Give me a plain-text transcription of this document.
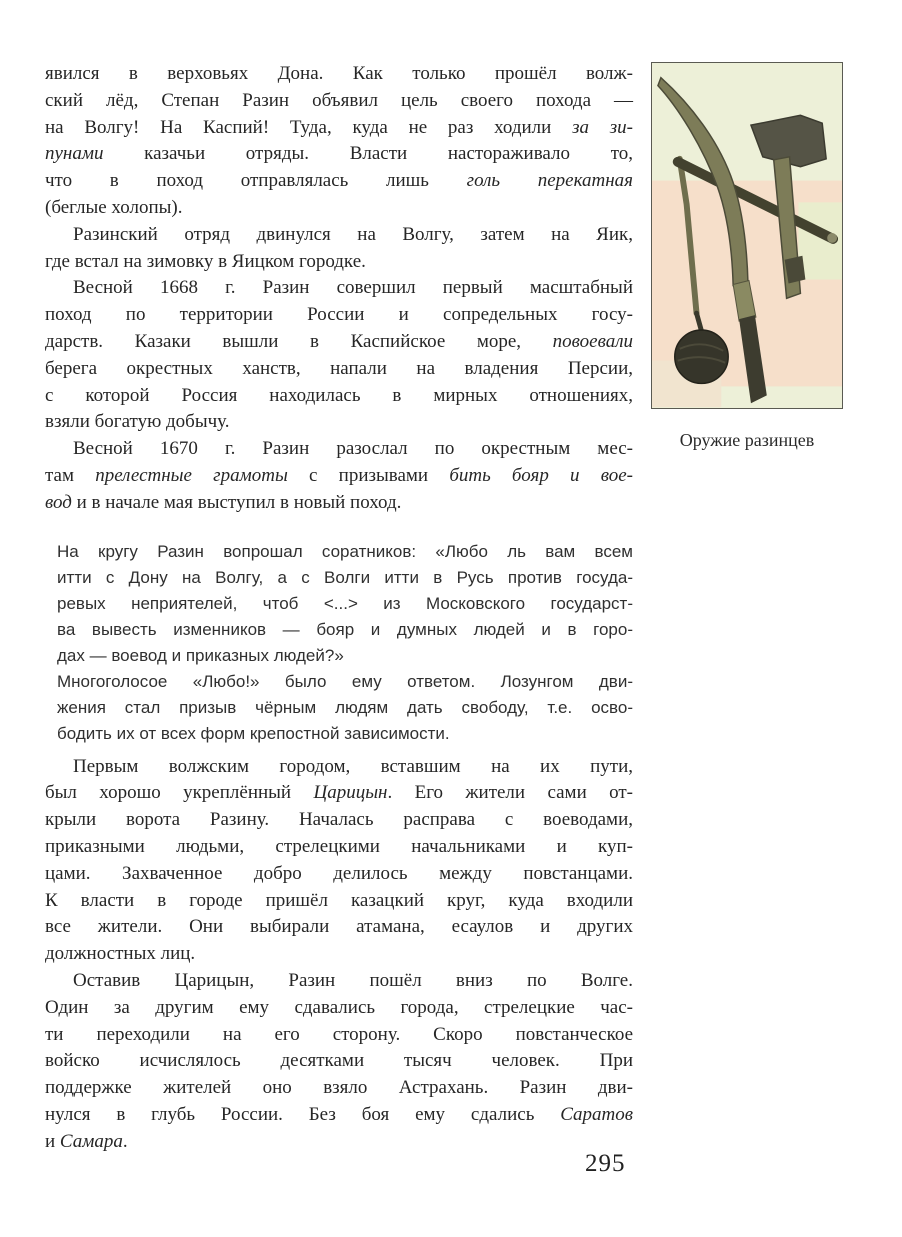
явился в верховьях Дона. Как только прошёл волж-
ский лёд, Степан Разин объявил цель своего похода —
на Волгу! На Каспий! Туда, куда не раз ходили за зи-
пунами казачьи отряды. Власти настораживало то,
что в поход отправлялась лишь голь перекатная
(беглые холопы).
Разинский отряд двинулся на Волгу, затем на Яик,
где встал на зимовку в Яицком городке.
Весной 1668 г. Разин совершил первый масштабный
поход по территории России и сопредельных госу-
дарств. Казаки вышли в Каспийское море, повоевали
берега окрестных ханств, напали на владения Персии,
с которой Россия находилась в мирных отношениях,
взяли богатую добычу.
Весной 1670 г. Разин разослал по окрестным мес-
там прелестные грамоты с призывами бить бояр и вое-
вод и в начале мая выступил в новый поход.
На кругу Разин вопрошал соратников: «Любо ль вам всем
итти с Дону на Волгу, а с Волги итти в Русь против госуда-
ревых неприятелей, чтоб <...> из Московского государст-
ва вывесть изменников — бояр и думных людей и в горо-
дах — воевод и приказных людей?»
Многоголосое «Любо!» было ему ответом. Лозунгом дви-
жения стал призыв чёрным людям дать свободу, т.е. осво-
бодить их от всех форм крепостной зависимости.
Первым волжским городом, вставшим на их пути,
был хорошо укреплённый Царицын. Его жители сами от-
крыли ворота Разину. Началась расправа с воеводами,
приказными людьми, стрелецкими начальниками и куп-
цами. Захваченное добро делилось между повстанцами.
К власти в городе пришёл казацкий круг, куда входили
все жители. Они выбирали атамана, есаулов и других
должностных лиц.
Оставив Царицын, Разин пошёл вниз по Волге.
Один за другим ему сдавались города, стрелецкие час-
ти переходили на его сторону. Скоро повстанческое
войско исчислялось десятками тысяч человек. При
поддержке жителей оно взяло Астрахань. Разин дви-
нулся в глубь России. Без боя ему сдались Саратов
и Самара.
Оружие разинцев
295
